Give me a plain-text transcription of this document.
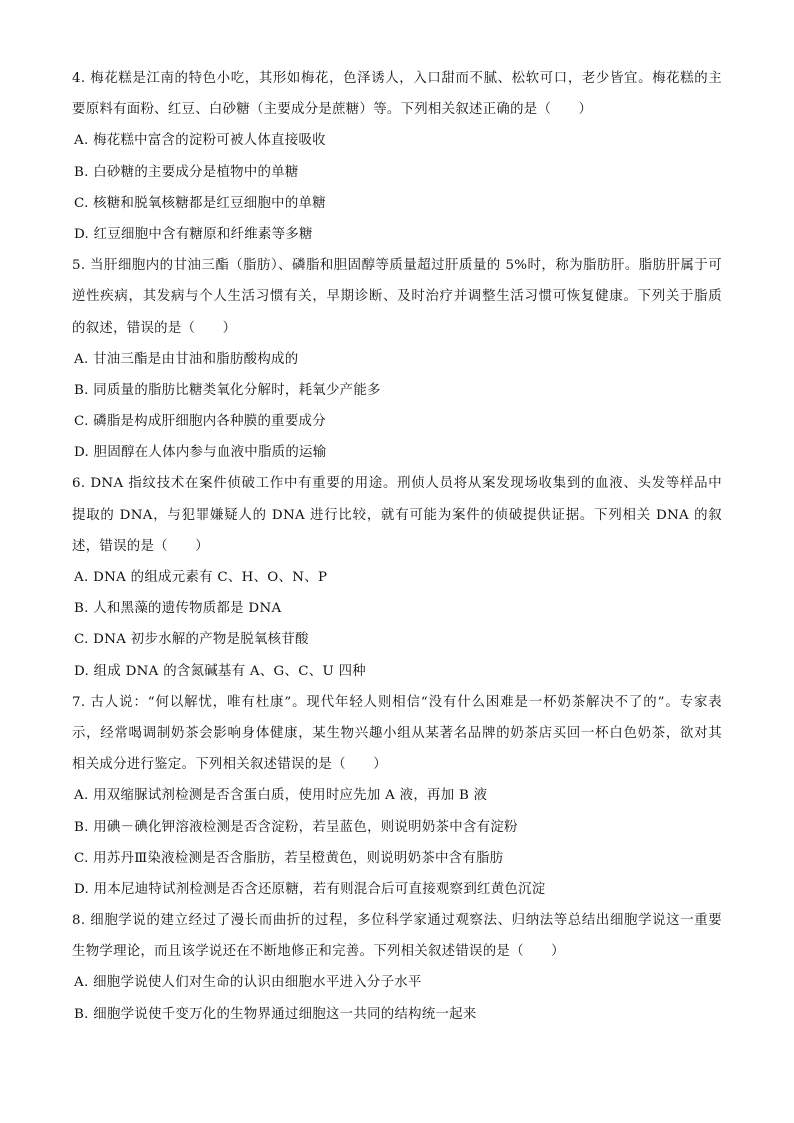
4. 梅花糕是江南的特色小吃，其形如梅花，色泽诱人，入口甜而不腻、松软可口，老少皆宜。梅花糕的主
要原料有面粉、红豆、白砂糖（主要成分是蔗糖）等。下列相关叙述正确的是（　　）
A. 梅花糕中富含的淀粉可被人体直接吸收
B. 白砂糖的主要成分是植物中的单糖
C. 核糖和脱氧核糖都是红豆细胞中的单糖
D. 红豆细胞中含有糖原和纤维素等多糖
5. 当肝细胞内的甘油三酯（脂肪）、磷脂和胆固醇等质量超过肝质量的 5%时，称为脂肪肝。脂肪肝属于可
逆性疾病，其发病与个人生活习惯有关，早期诊断、及时治疗并调整生活习惯可恢复健康。下列关于脂质
的叙述，错误的是（　　）
A. 甘油三酯是由甘油和脂肪酸构成的
B. 同质量的脂肪比糖类氧化分解时，耗氧少产能多
C. 磷脂是构成肝细胞内各种膜的重要成分
D. 胆固醇在人体内参与血液中脂质的运输
6. DNA 指纹技术在案件侦破工作中有重要的用途。刑侦人员将从案发现场收集到的血液、头发等样品中
提取的 DNA，与犯罪嫌疑人的 DNA 进行比较，就有可能为案件的侦破提供证据。下列相关 DNA 的叙
述，错误的是（　　）
A. DNA 的组成元素有 C、H、O、N、P
B. 人和黑藻的遗传物质都是 DNA
C. DNA 初步水解的产物是脱氧核苷酸
D. 组成 DNA 的含氮碱基有 A、G、C、U 四种
7. 古人说：“何以解忧，唯有杜康”。现代年轻人则相信“没有什么困难是一杯奶茶解决不了的”。专家表
示，经常喝调制奶茶会影响身体健康，某生物兴趣小组从某著名品牌的奶茶店买回一杯白色奶茶，欲对其
相关成分进行鉴定。下列相关叙述错误的是（　　）
A. 用双缩脲试剂检测是否含蛋白质，使用时应先加 A 液，再加 B 液
B. 用碘－碘化钾溶液检测是否含淀粉，若呈蓝色，则说明奶茶中含有淀粉
C. 用苏丹Ⅲ染液检测是否含脂肪，若呈橙黄色，则说明奶茶中含有脂肪
D. 用本尼迪特试剂检测是否含还原糖，若有则混合后可直接观察到红黄色沉淀
8. 细胞学说的建立经过了漫长而曲折的过程，多位科学家通过观察法、归纳法等总结出细胞学说这一重要
生物学理论，而且该学说还在不断地修正和完善。下列相关叙述错误的是（　　）
A. 细胞学说使人们对生命的认识由细胞水平进入分子水平
B. 细胞学说使千变万化的生物界通过细胞这一共同的结构统一起来
